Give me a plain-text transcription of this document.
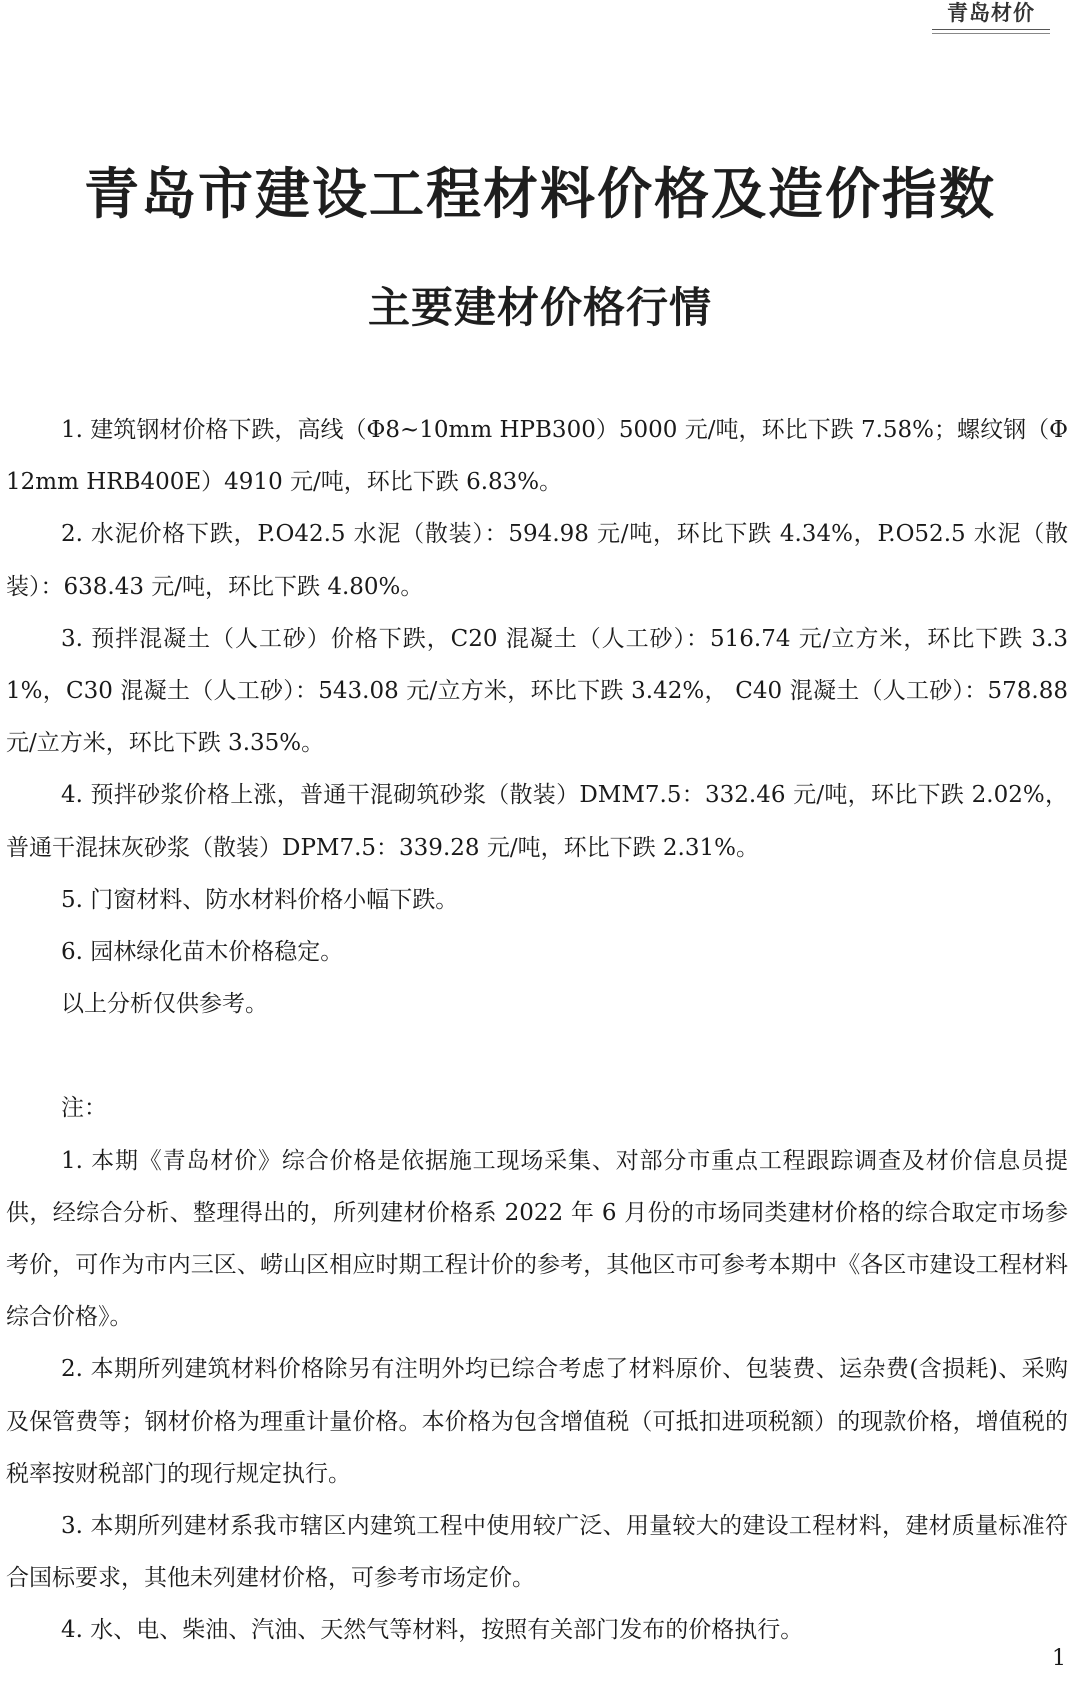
青岛材价
青岛市建设工程材料价格及造价指数
主要建材价格行情

1. 建筑钢材价格下跌，高线（Φ8~10mm HPB300）5000 元/吨，环比下跌 7.58%；螺纹钢（Φ12mm HRB400E）4910 元/吨，环比下跌 6.83%。

2. 水泥价格下跌，P.O42.5 水泥（散装）：594.98 元/吨，环比下跌 4.34%，P.O52.5 水泥（散装）：638.43 元/吨，环比下跌 4.80%。

3. 预拌混凝土（人工砂）价格下跌，C20 混凝土（人工砂）：516.74 元/立方米，环比下跌 3.31%，C30 混凝土（人工砂）：543.08 元/立方米，环比下跌 3.42%， C40 混凝土（人工砂）：578.88 元/立方米，环比下跌 3.35%。

4. 预拌砂浆价格上涨，普通干混砌筑砂浆（散装）DMM7.5：332.46 元/吨，环比下跌 2.02%，普通干混抹灰砂浆（散装）DPM7.5：339.28 元/吨，环比下跌 2.31%。

5. 门窗材料、防水材料价格小幅下跌。

6. 园林绿化苗木价格稳定。

以上分析仅供参考。

注：

1. 本期《青岛材价》综合价格是依据施工现场采集、对部分市重点工程跟踪调查及材价信息员提供，经综合分析、整理得出的，所列建材价格系 2022 年 6 月份的市场同类建材价格的综合取定市场参考价，可作为市内三区、崂山区相应时期工程计价的参考，其他区市可参考本期中《各区市建设工程材料综合价格》。

2. 本期所列建筑材料价格除另有注明外均已综合考虑了材料原价、包装费、运杂费(含损耗)、采购及保管费等；钢材价格为理重计量价格。本价格为包含增值税（可抵扣进项税额）的现款价格，增值税的税率按财税部门的现行规定执行。

3. 本期所列建材系我市辖区内建筑工程中使用较广泛、用量较大的建设工程材料，建材质量标准符合国标要求，其他未列建材价格，可参考市场定价。

4. 水、电、柴油、汽油、天然气等材料，按照有关部门发布的价格执行。

1
